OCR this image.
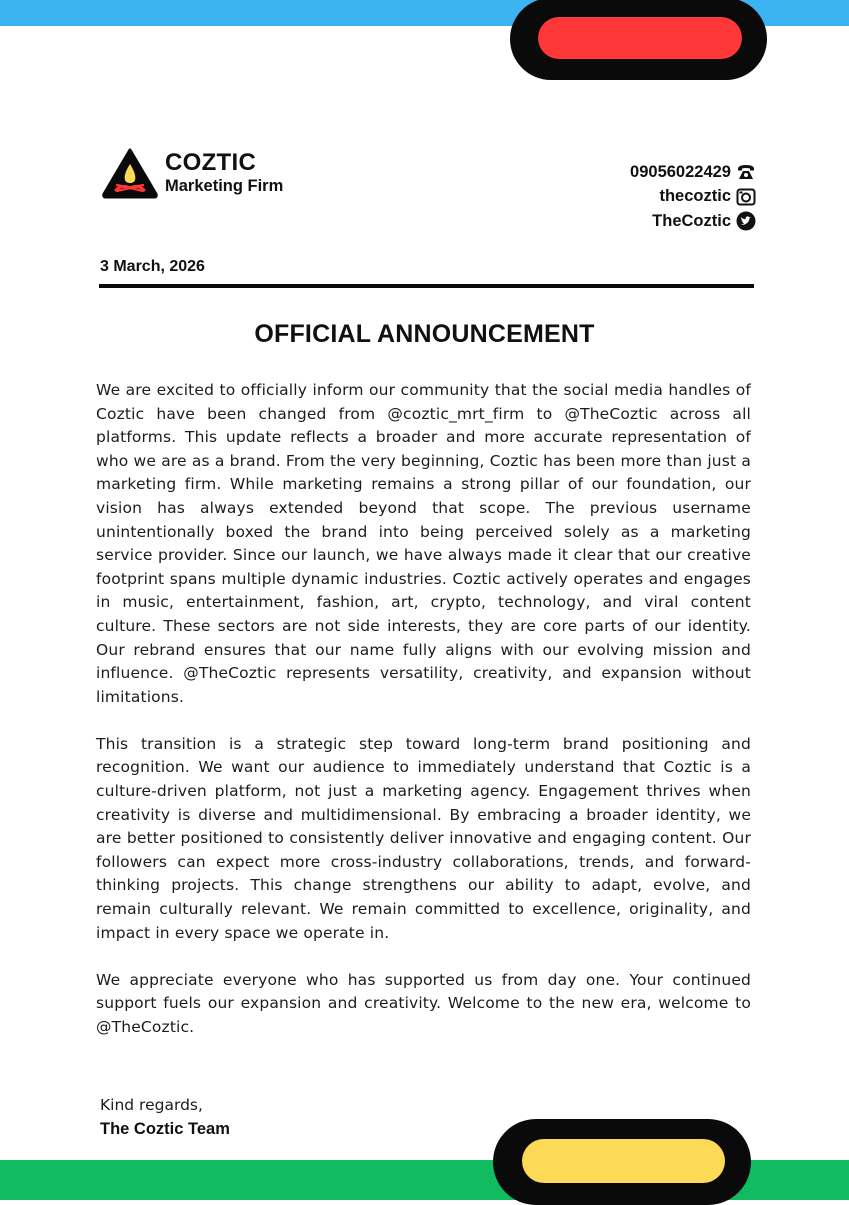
COZTIC
Marketing Firm
09056022429
thecoztic
TheCoztic
3 March, 2026
OFFICIAL ANNOUNCEMENT

We are excited to officially inform our community that the social media handles of Coztic have been changed from @coztic_mrt_firm to @TheCoztic across all platforms. This update reflects a broader and more accurate representation of who we are as a brand. From the very beginning, Coztic has been more than just a marketing firm. While marketing remains a strong pillar of our foundation, our vision has always extended beyond that scope. The previous username unintentionally boxed the brand into being perceived solely as a marketing service provider. Since our launch, we have always made it clear that our creative footprint spans multiple dynamic industries. Coztic actively operates and engages in music, entertainment, fashion, art, crypto, technology, and viral content culture. These sectors are not side interests, they are core parts of our identity. Our rebrand ensures that our name fully aligns with our evolving mission and influence. @TheCoztic represents versatility, creativity, and expansion without limitations.

This transition is a strategic step toward long-term brand positioning and recognition. We want our audience to immediately understand that Coztic is a culture-driven platform, not just a marketing agency. Engagement thrives when creativity is diverse and multidimensional. By embracing a broader identity, we are better positioned to consistently deliver innovative and engaging content. Our followers can expect more cross-industry collaborations, trends, and forward-thinking projects. This change strengthens our ability to adapt, evolve, and remain culturally relevant. We remain committed to excellence, originality, and impact in every space we operate in.

We appreciate everyone who has supported us from day one. Your continued support fuels our expansion and creativity. Welcome to the new era, welcome to @TheCoztic.

Kind regards,
The Coztic Team
